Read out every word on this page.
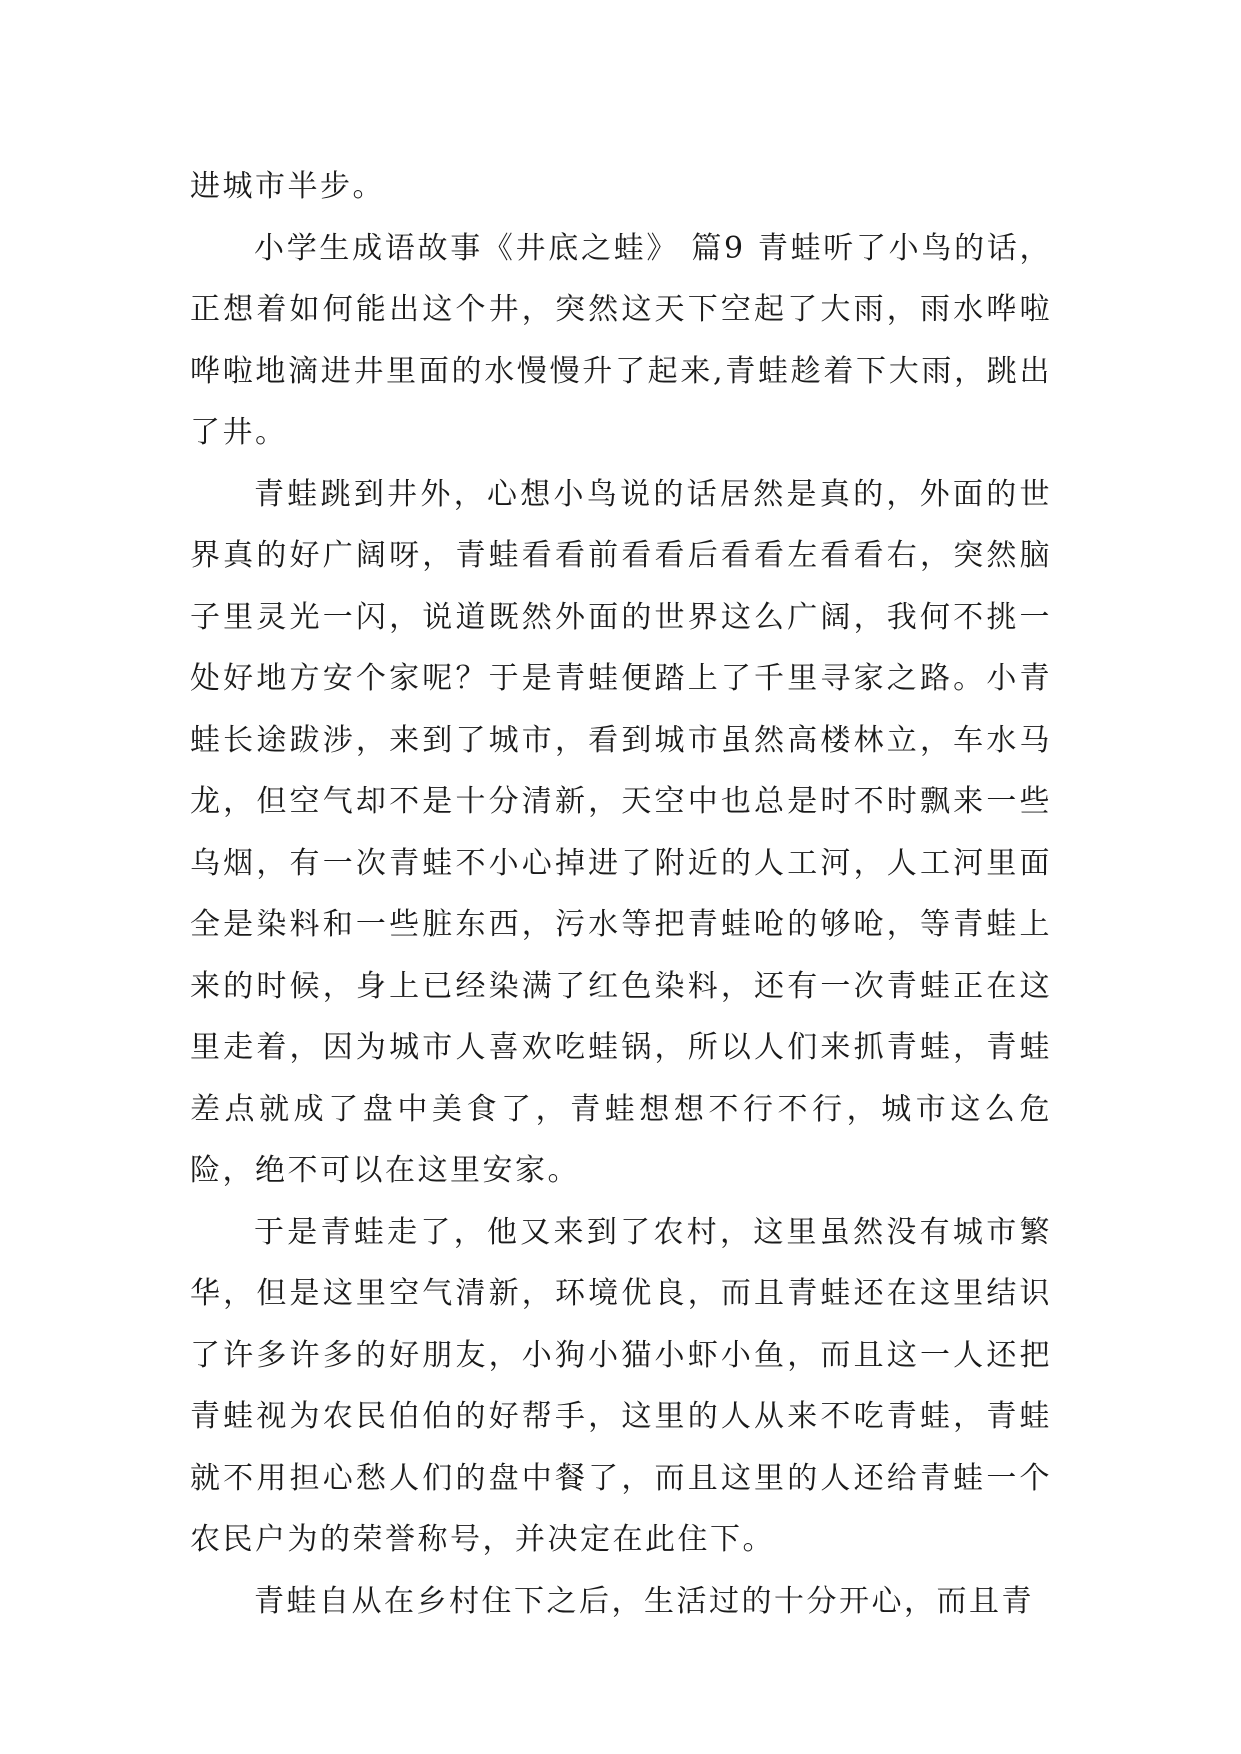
进城市半步。

小学生成语故事《井底之蛙》 篇9 青蛙听了小鸟的话，正想着如何能出这个井，突然这天下空起了大雨，雨水哗啦哗啦地滴进井里面的水慢慢升了起来,青蛙趁着下大雨，跳出了井。

青蛙跳到井外，心想小鸟说的话居然是真的，外面的世界真的好广阔呀，青蛙看看前看看后看看左看看右，突然脑子里灵光一闪，说道既然外面的世界这么广阔，我何不挑一处好地方安个家呢？于是青蛙便踏上了千里寻家之路。小青蛙长途跋涉，来到了城市，看到城市虽然高楼林立，车水马龙，但空气却不是十分清新，天空中也总是时不时飘来一些乌烟，有一次青蛙不小心掉进了附近的人工河，人工河里面全是染料和一些脏东西，污水等把青蛙呛的够呛，等青蛙上来的时候，身上已经染满了红色染料，还有一次青蛙正在这里走着，因为城市人喜欢吃蛙锅，所以人们来抓青蛙，青蛙差点就成了盘中美食了，青蛙想想不行不行，城市这么危险，绝不可以在这里安家。

于是青蛙走了，他又来到了农村，这里虽然没有城市繁华，但是这里空气清新，环境优良，而且青蛙还在这里结识了许多许多的好朋友，小狗小猫小虾小鱼，而且这一人还把青蛙视为农民伯伯的好帮手，这里的人从来不吃青蛙，青蛙就不用担心愁人们的盘中餐了，而且这里的人还给青蛙一个农民户为的荣誉称号，并决定在此住下。

青蛙自从在乡村住下之后，生活过的十分开心，而且青
